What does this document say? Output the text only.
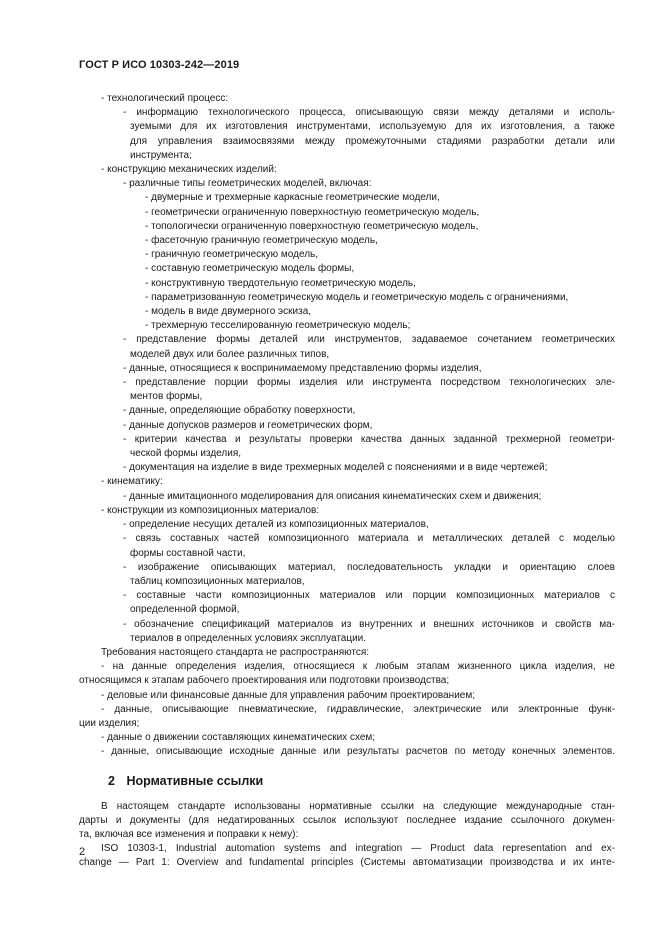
ГОСТ Р ИСО 10303-242—2019
- технологический процесс:
- информацию технологического процесса, описывающую связи между деталями и исполь-
зуемыми для их изготовления инструментами, используемую для их изготовления, а также
для управления взаимосвязями между промежуточными стадиями разработки детали или
инструмента;
- конструкцию механических изделий:
- различные типы геометрических моделей, включая:
- двумерные и трехмерные каркасные геометрические модели,
- геометрически ограниченную поверхностную геометрическую модель,
- топологически ограниченную поверхностную геометрическую модель,
- фасеточную граничную геометрическую модель,
- граничную геометрическую модель,
- составную геометрическую модель формы,
- конструктивную твердотельную геометрическую модель,
- параметризованную геометрическую модель и геометрическую модель с ограничениями,
- модель в виде двумерного эскиза,
- трехмерную тесселированную геометрическую модель;
- представление формы деталей или инструментов, задаваемое сочетанием геометрических
моделей двух или более различных типов,
- данные, относящиеся к воспринимаемому представлению формы изделия,
- представление порции формы изделия или инструмента посредством технологических эле-
ментов формы,
- данные, определяющие обработку поверхности,
- данные допусков размеров и геометрических форм,
- критерии качества и результаты проверки качества данных заданной трехмерной геометри-
ческой формы изделия,
- документация на изделие в виде трехмерных моделей с пояснениями и в виде чертежей;
- кинематику:
- данные имитационного моделирования для описания кинематических схем и движения;
- конструкции из композиционных материалов:
- определение несущих деталей из композиционных материалов,
- связь составных частей композиционного материала и металлических деталей с моделью
формы составной части,
- изображение описывающих материал, последовательность укладки и ориентацию слоев
таблиц композиционных материалов,
- составные части композиционных материалов или порции композиционных материалов с
определенной формой,
- обозначение спецификаций материалов из внутренних и внешних источников и свойств ма-
териалов в определенных условиях эксплуатации.
Требования настоящего стандарта не распространяются:
- на данные определения изделия, относящиеся к любым этапам жизненного цикла изделия, не
относящимся к этапам рабочего проектирования или подготовки производства;
- деловые или финансовые данные для управления рабочим проектированием;
- данные, описывающие пневматические, гидравлические, электрические или электронные функ-
ции изделия;
- данные о движении составляющих кинематических схем;
- данные, описывающие исходные данные или результаты расчетов по методу конечных элементов.
2 Нормативные ссылки
В настоящем стандарте использованы нормативные ссылки на следующие международные стан-
дарты и документы (для недатированных ссылок используют последнее издание ссылочного докумен-
та, включая все изменения и поправки к нему):
ISO 10303-1, Industrial automation systems and integration — Product data representation and ex-
change — Part 1: Overview and fundamental principles (Системы автоматизации производства и их инте-
2
